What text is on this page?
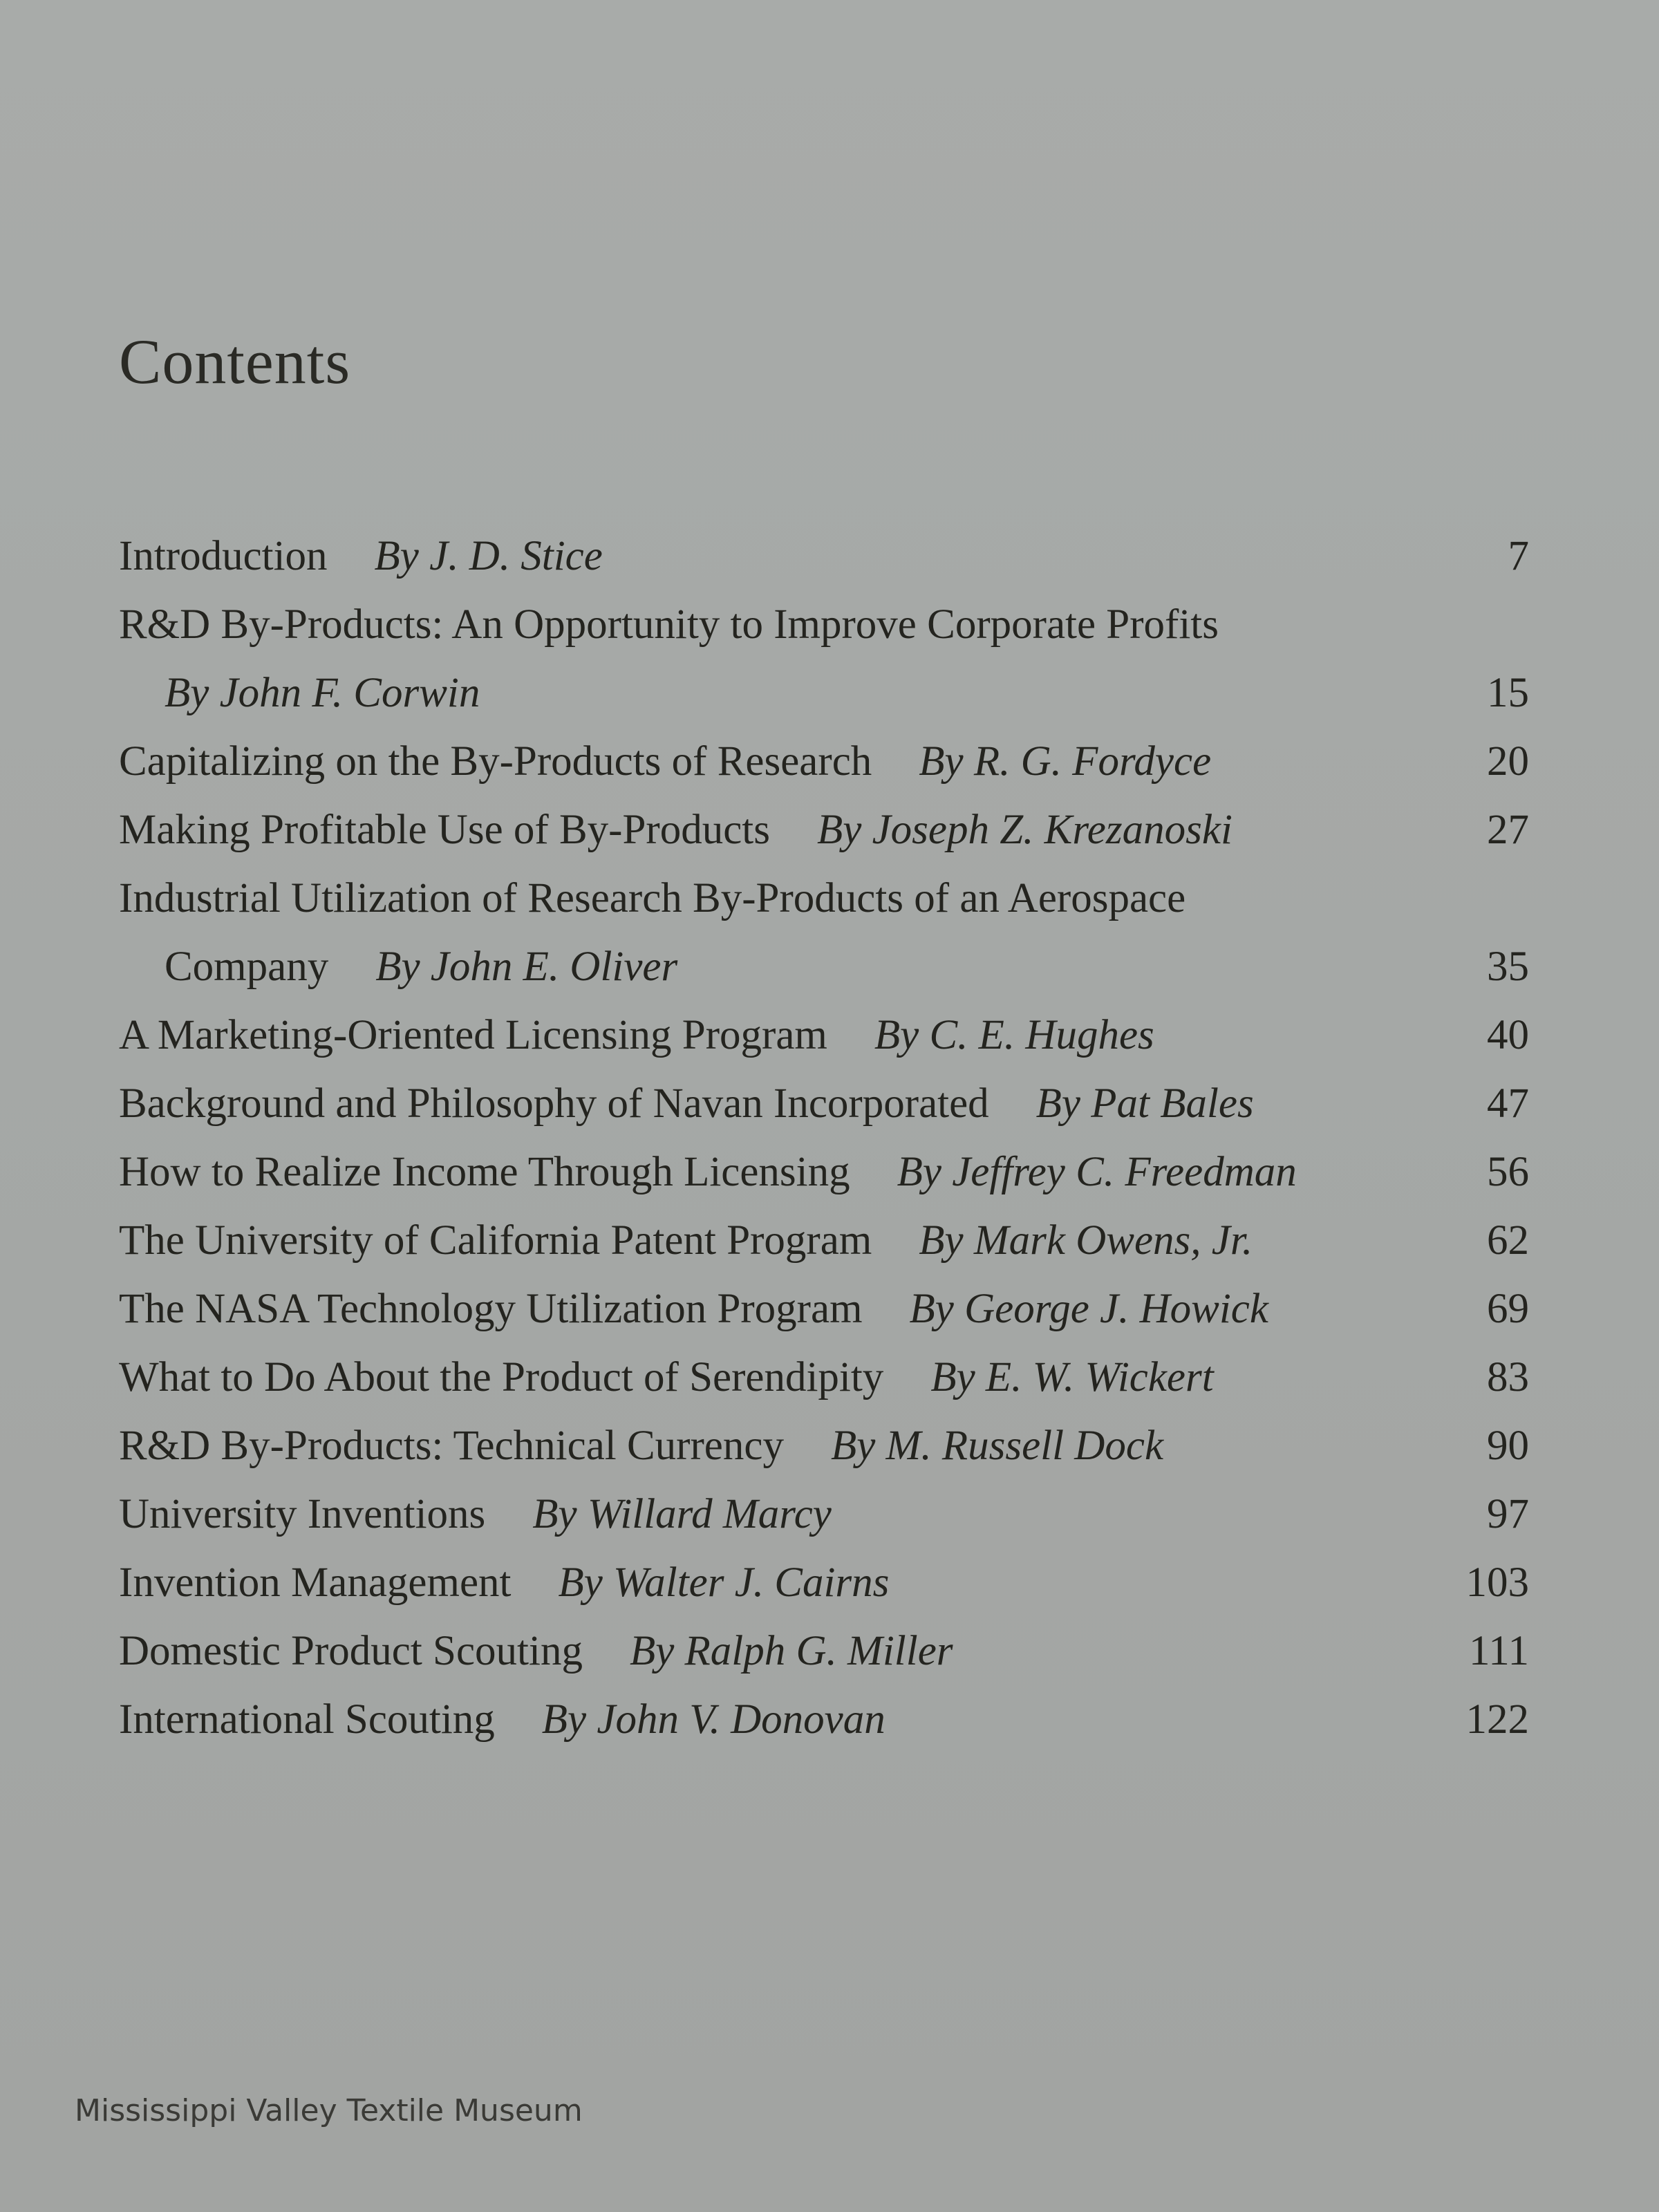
Contents
Introduction By J. D. Stice	7
R&D By-Products: An Opportunity to Improve Corporate Profits
By John F. Corwin	15
Capitalizing on the By-Products of Research By R. G. Fordyce	20
Making Profitable Use of By-Products By Joseph Z. Krezanoski	27
Industrial Utilization of Research By-Products of an Aerospace
Company By John E. Oliver	35
A Marketing-Oriented Licensing Program By C. E. Hughes	40
Background and Philosophy of Navan Incorporated By Pat Bales	47
How to Realize Income Through Licensing By Jeffrey C. Freedman	56
The University of California Patent Program By Mark Owens, Jr.	62
The NASA Technology Utilization Program By George J. Howick	69
What to Do About the Product of Serendipity By E. W. Wickert	83
R&D By-Products: Technical Currency By M. Russell Dock	90
University Inventions By Willard Marcy	97
Invention Management By Walter J. Cairns	103
Domestic Product Scouting By Ralph G. Miller	111
International Scouting By John V. Donovan	122
Mississippi Valley Textile Museum
